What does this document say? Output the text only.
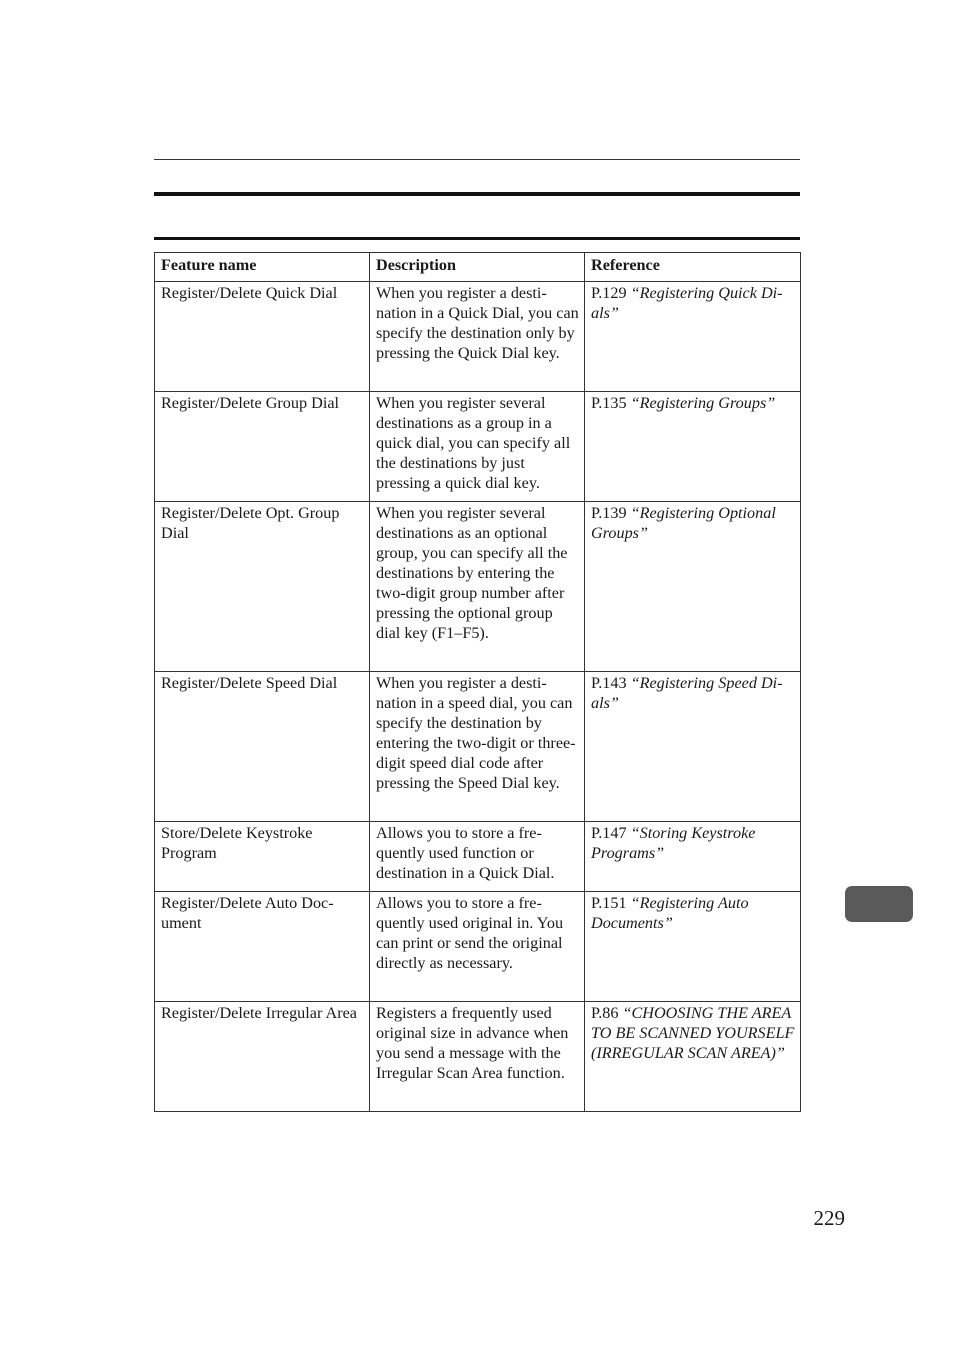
Feature name	Description	Reference
Register/Delete Quick Dial	When you register a destination in a Quick Dial, you can specify the destination only by pressing the Quick Dial key.	P.129 “Registering Quick Dials”
Register/Delete Group Dial	When you register several destinations as a group in a quick dial, you can specify all the destinations by just pressing a quick dial key.	P.135 “Registering Groups”
Register/Delete Opt. Group Dial	When you register several destinations as an optional group, you can specify all the destinations by entering the two-digit group number after pressing the optional group dial key (F1–F5).	P.139 “Registering Optional Groups”
Register/Delete Speed Dial	When you register a destination in a speed dial, you can specify the destination by entering the two-digit or three-digit speed dial code after pressing the Speed Dial key.	P.143 “Registering Speed Dials”
Store/Delete Keystroke Program	Allows you to store a frequently used function or destination in a Quick Dial.	P.147 “Storing Keystroke Programs”
Register/Delete Auto Document	Allows you to store a frequently used original in. You can print or send the original directly as necessary.	P.151 “Registering Auto Documents”
Register/Delete Irregular Area	Registers a frequently used original size in advance when you send a message with the Irregular Scan Area function.	P.86 “CHOOSING THE AREA TO BE SCANNED YOURSELF (IRREGULAR SCAN AREA)”
229
